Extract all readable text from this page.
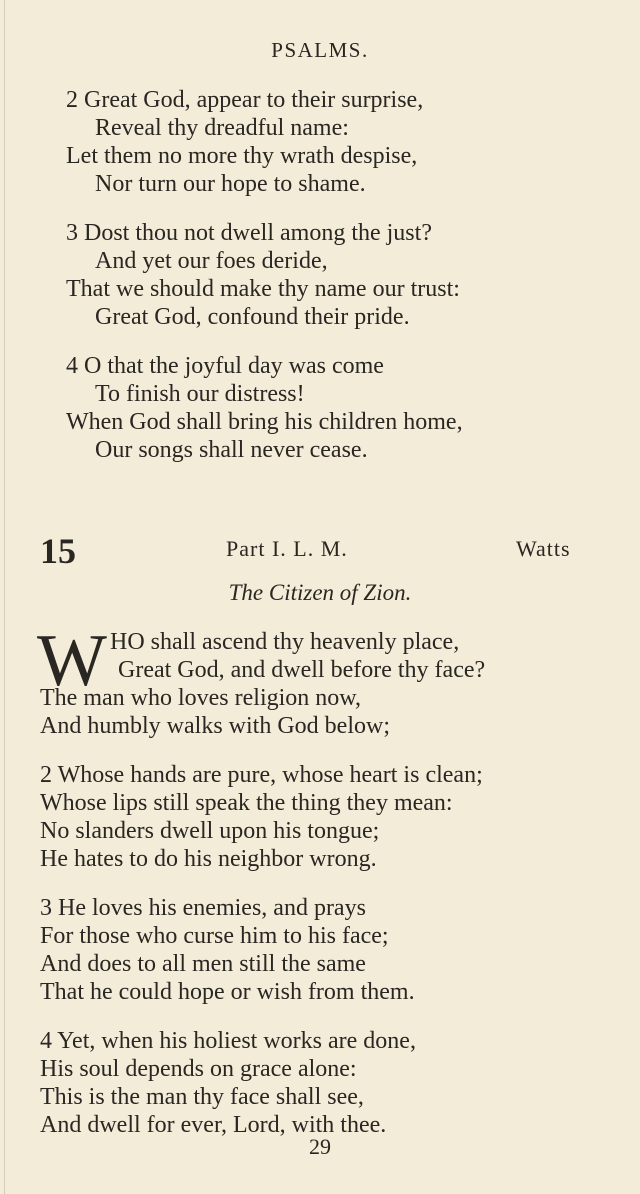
PSALMS.
2 Great God, appear to their surprise,
Reveal thy dreadful name:
Let them no more thy wrath despise,
Nor turn our hope to shame.
3 Dost thou not dwell among the just?
And yet our foes deride,
That we should make thy name our trust:
Great God, confound their pride.
4 O that the joyful day was come
To finish our distress!
When God shall bring his children home,
Our songs shall never cease.
15	Part I. L. M.	Watts
The Citizen of Zion.
W HO shall ascend thy heavenly place,
Great God, and dwell before thy face?
The man who loves religion now,
And humbly walks with God below;
2 Whose hands are pure, whose heart is clean;
Whose lips still speak the thing they mean:
No slanders dwell upon his tongue;
He hates to do his neighbor wrong.
3 He loves his enemies, and prays
For those who curse him to his face;
And does to all men still the same
That he could hope or wish from them.
4 Yet, when his holiest works are done,
His soul depends on grace alone:
This is the man thy face shall see,
And dwell for ever, Lord, with thee.
29
